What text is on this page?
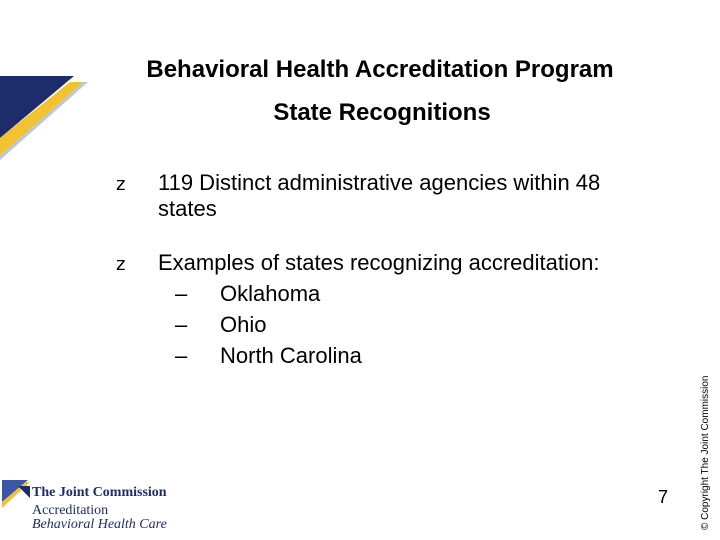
Behavioral Health Accreditation Program
State Recognitions
z 119 Distinct administrative agencies within 48 states
z Examples of states recognizing accreditation:
– Oklahoma
– Ohio
– North Carolina
© Copyright The Joint Commission
7
The Joint Commission
Accreditation
Behavioral Health Care
